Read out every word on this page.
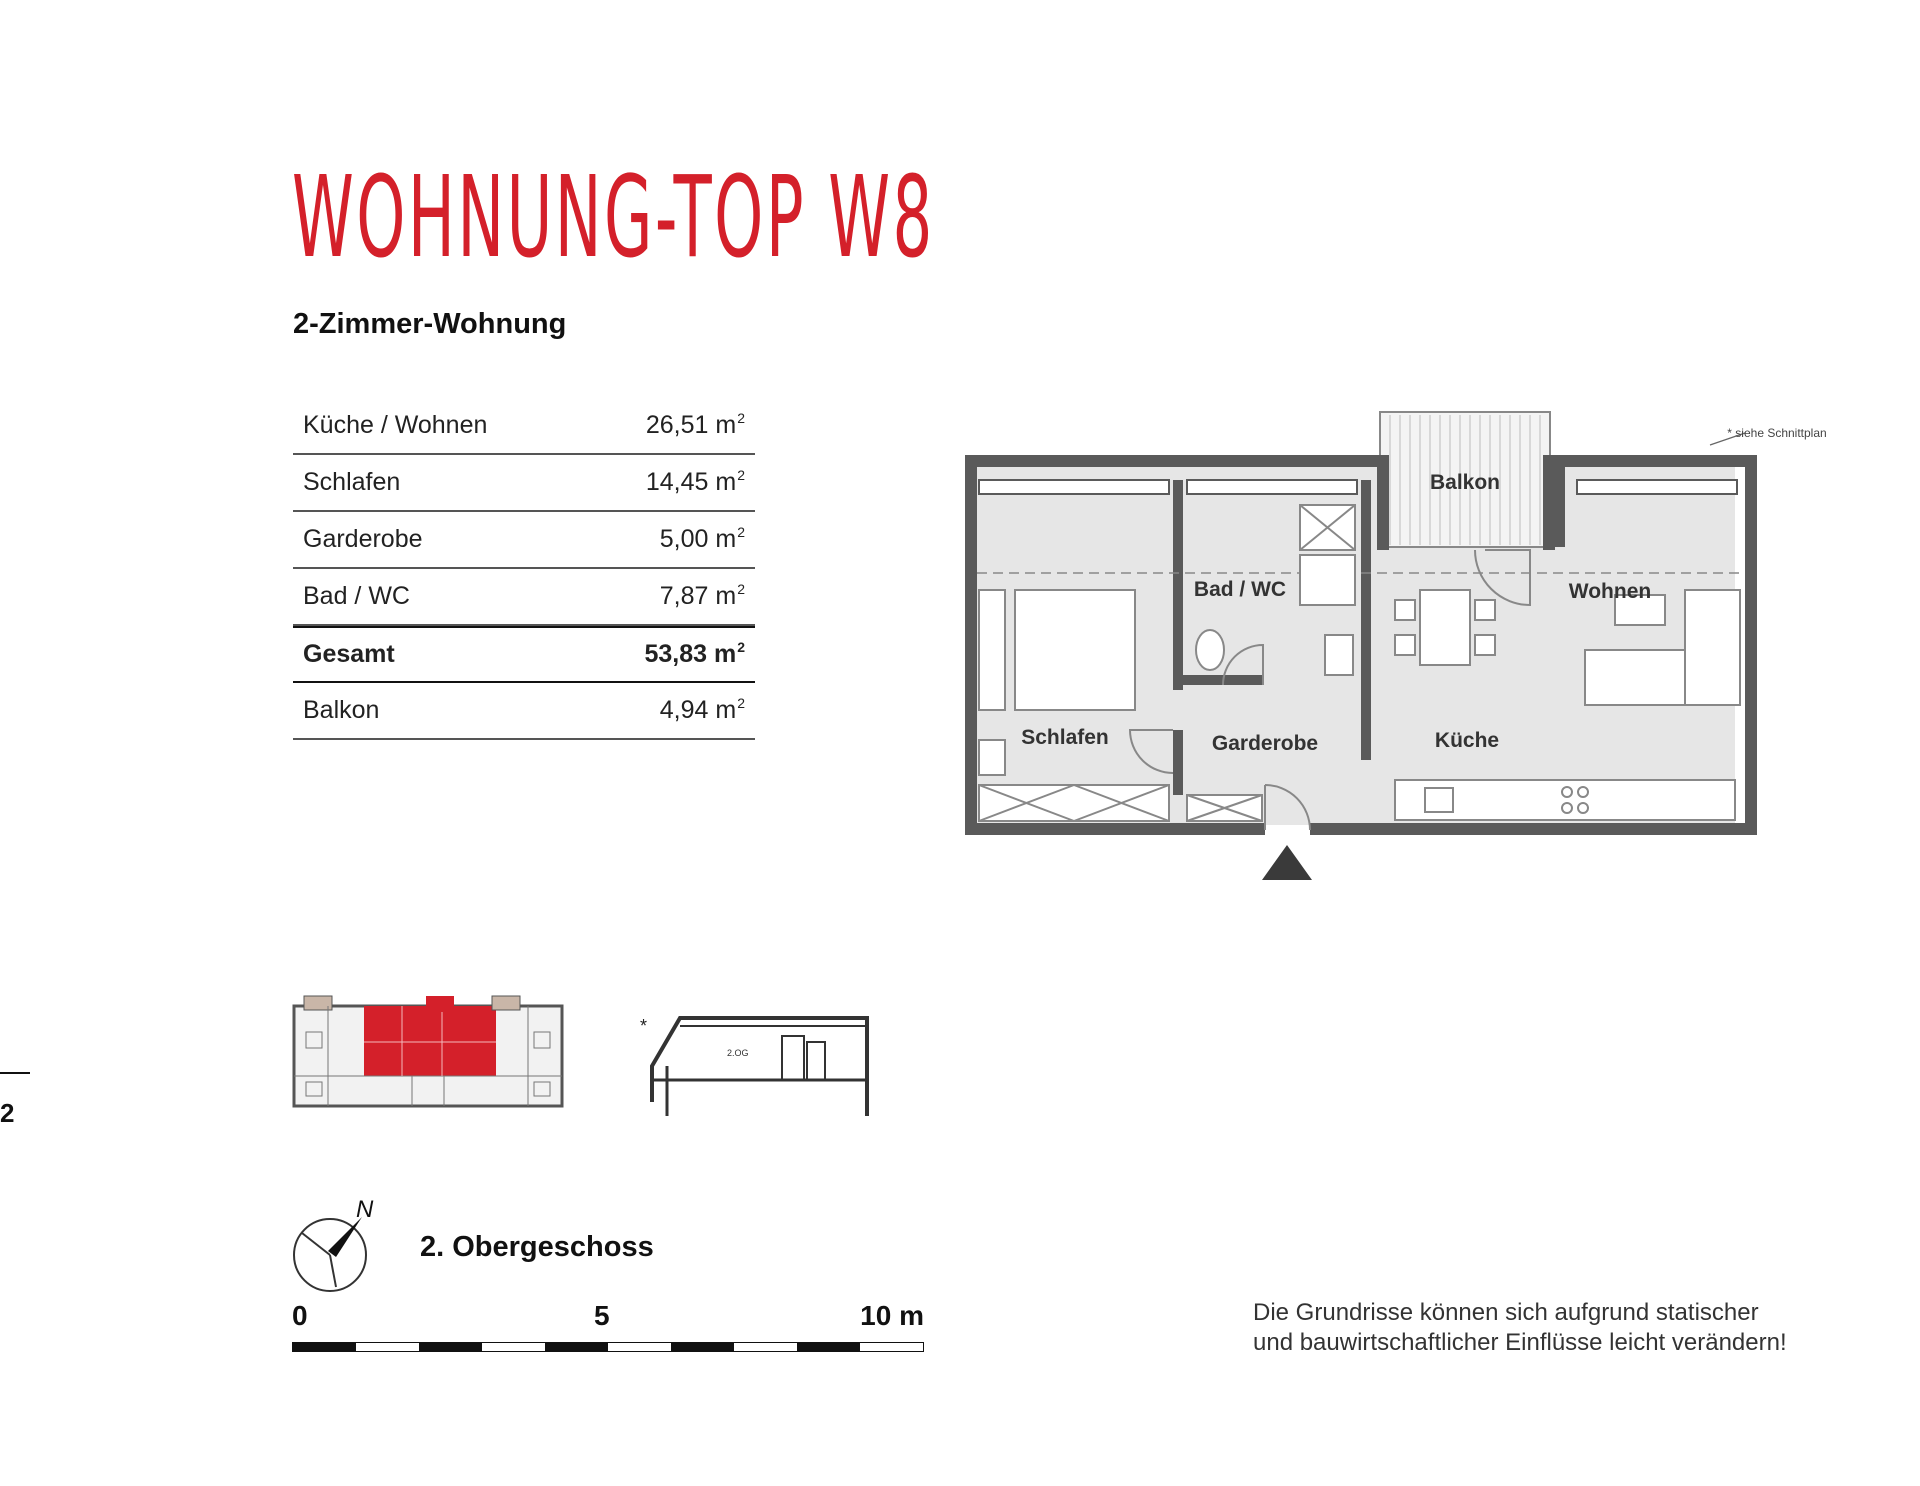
WOHNUNG-TOP W8
2-Zimmer-Wohnung
Küche / Wohnen	26,51 m 2
Schlafen	14,45 m 2
Garderobe	5,00 m 2
Bad / WC	7,87 m 2
Gesamt	53,83 m 2
Balkon	4,94 m 2
Balkon
Bad / WC	Wohnen
Schlafen	Garderobe	Küche
* siehe Schnittplan
*
2.OG
2
N
2. Obergeschoss
0	5	10 m	Die Grundrisse können sich aufgrund statischer
und bauwirtschaftlicher Einflüsse leicht verändern!
